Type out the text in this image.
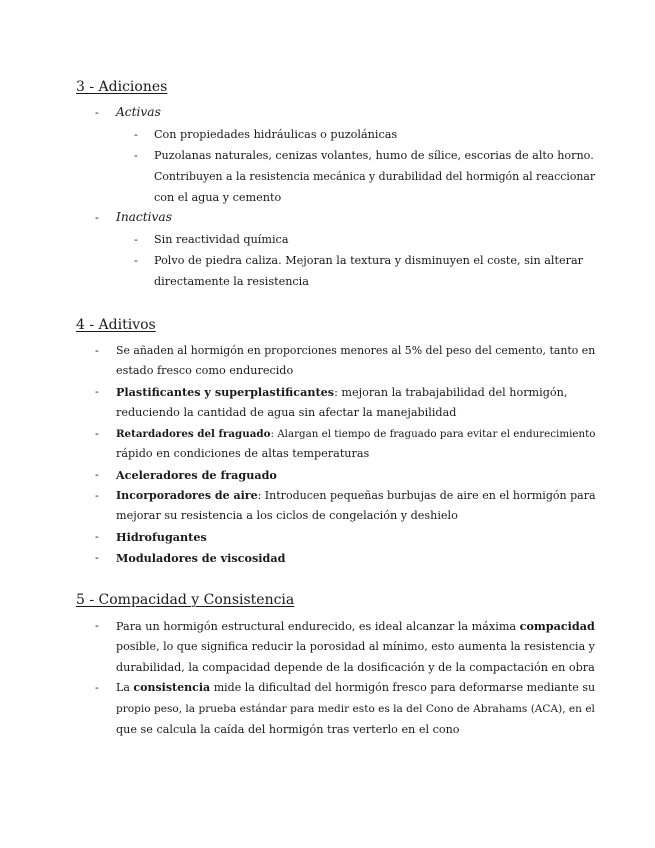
3 - Adiciones
- Activas
- Con propiedades hidráulicas o puzolánicas
- Puzolanas naturales, cenizas volantes, humo de sílice, escorias de alto horno.
Contribuyen a la resistencia mecánica y durabilidad del hormigón al reaccionar
con el agua y cemento
- Inactivas
- Sin reactividad química
- Polvo de piedra caliza. Mejoran la textura y disminuyen el coste, sin alterar
directamente la resistencia
4 - Aditivos
- Se añaden al hormigón en proporciones menores al 5% del peso del cemento, tanto en
estado fresco como endurecido
- Plastificantes y superplastificantes: mejoran la trabajabilidad del hormigón,
reduciendo la cantidad de agua sin afectar la manejabilidad
- Retardadores del fraguado: Alargan el tiempo de fraguado para evitar el endurecimiento
rápido en condiciones de altas temperaturas
- Aceleradores de fraguado
- Incorporadores de aire: Introducen pequeñas burbujas de aire en el hormigón para
mejorar su resistencia a los ciclos de congelación y deshielo
- Hidrofugantes
- Moduladores de viscosidad
5 - Compacidad y Consistencia
- Para un hormigón estructural endurecido, es ideal alcanzar la máxima compacidad
posible, lo que significa reducir la porosidad al mínimo, esto aumenta la resistencia y
durabilidad, la compacidad depende de la dosificación y de la compactación en obra
- La consistencia mide la dificultad del hormigón fresco para deformarse mediante su
propio peso, la prueba estándar para medir esto es la del Cono de Abrahams (ACA), en el
que se calcula la caída del hormigón tras verterlo en el cono
